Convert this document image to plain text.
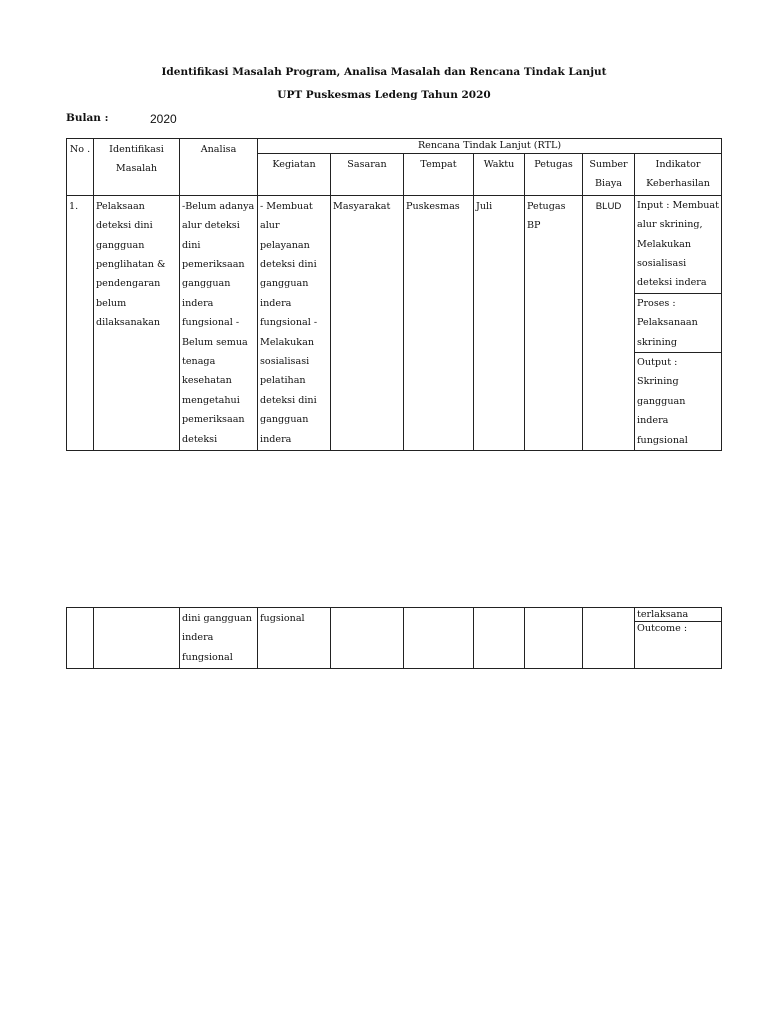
Identifikasi Masalah Program, Analisa Masalah dan Rencana Tindak Lanjut
UPT Puskesmas Ledeng Tahun 2020
Bulan :	2020
No .	Identifikasi Masalah	Analisa	Rencana Tindak Lanjut (RTL)						
			Kegiatan	Sasaran	Tempat	Waktu	Petugas	Sumber Biaya	Indikator Keberhasilan
1.	Pelaksaan deteksi dini gangguan penglihatan & pendengaran belum dilaksanakan	-Belum adanya alur deteksi dini pemeriksaan gangguan indera fungsional -Belum semua tenaga kesehatan mengetahui pemeriksaan deteksi	- Membuat alur pelayanan deteksi dini gangguan indera fungsional - Melakukan sosialisasi pelatihan deteksi dini gangguan indera	Masyarakat	Puskesmas	Juli	Petugas BP	BLUD	Input : Membuat alur skrining, Melakukan sosialisasi deteksi indera
Proses : Pelaksanaan skrining
Output : Skrining gangguan indera fungsional
		dini gangguan indera fungsional	fugsional						terlaksana
Outcome :
